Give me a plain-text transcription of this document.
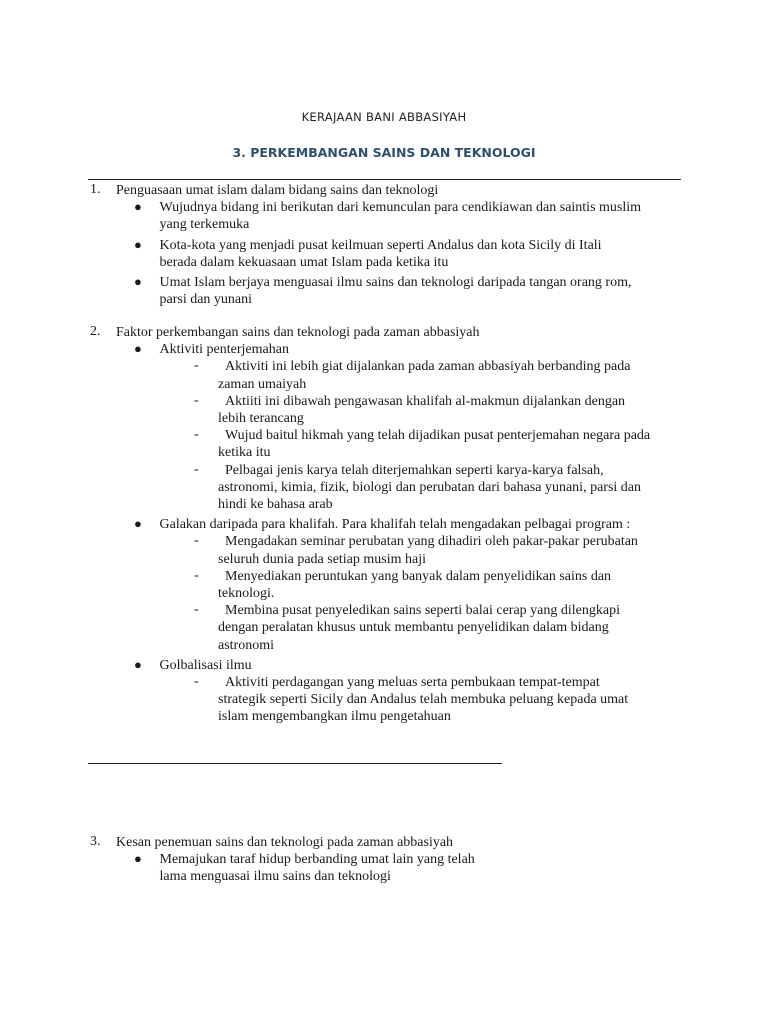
KERAJAAN BANI ABBASIYAH
3. PERKEMBANGAN SAINS DAN TEKNOLOGI
1. Penguasaan umat islam dalam bidang sains dan teknologi
● Wujudnya bidang ini berikutan dari kemunculan para cendikiawan dan saintis muslim
yang terkemuka
● Kota-kota yang menjadi pusat keilmuan seperti Andalus dan kota Sicily di Itali
berada dalam kekuasaan umat Islam pada ketika itu
● Umat Islam berjaya menguasai ilmu sains dan teknologi daripada tangan orang rom,
parsi dan yunani
2. Faktor perkembangan sains dan teknologi pada zaman abbasiyah
● Aktiviti penterjemahan
- Aktiviti ini lebih giat dijalankan pada zaman abbasiyah berbanding pada
zaman umaiyah
- Aktiiti ini dibawah pengawasan khalifah al-makmun dijalankan dengan
lebih terancang
- Wujud baitul hikmah yang telah dijadikan pusat penterjemahan negara pada
ketika itu
- Pelbagai jenis karya telah diterjemahkan seperti karya-karya falsah,
astronomi, kimia, fizik, biologi dan perubatan dari bahasa yunani, parsi dan
hindi ke bahasa arab
● Galakan daripada para khalifah. Para khalifah telah mengadakan pelbagai program :
- Mengadakan seminar perubatan yang dihadiri oleh pakar-pakar perubatan
seluruh dunia pada setiap musim haji
- Menyediakan peruntukan yang banyak dalam penyelidikan sains dan
teknologi.
- Membina pusat penyeledikan sains seperti balai cerap yang dilengkapi
dengan peralatan khusus untuk membantu penyelidikan dalam bidang
astronomi
● Golbalisasi ilmu
- Aktiviti perdagangan yang meluas serta pembukaan tempat-tempat
strategik seperti Sicily dan Andalus telah membuka peluang kepada umat
islam mengembangkan ilmu pengetahuan
3. Kesan penemuan sains dan teknologi pada zaman abbasiyah
● Memajukan taraf hidup berbanding umat lain yang telah
lama menguasai ilmu sains dan teknologi
